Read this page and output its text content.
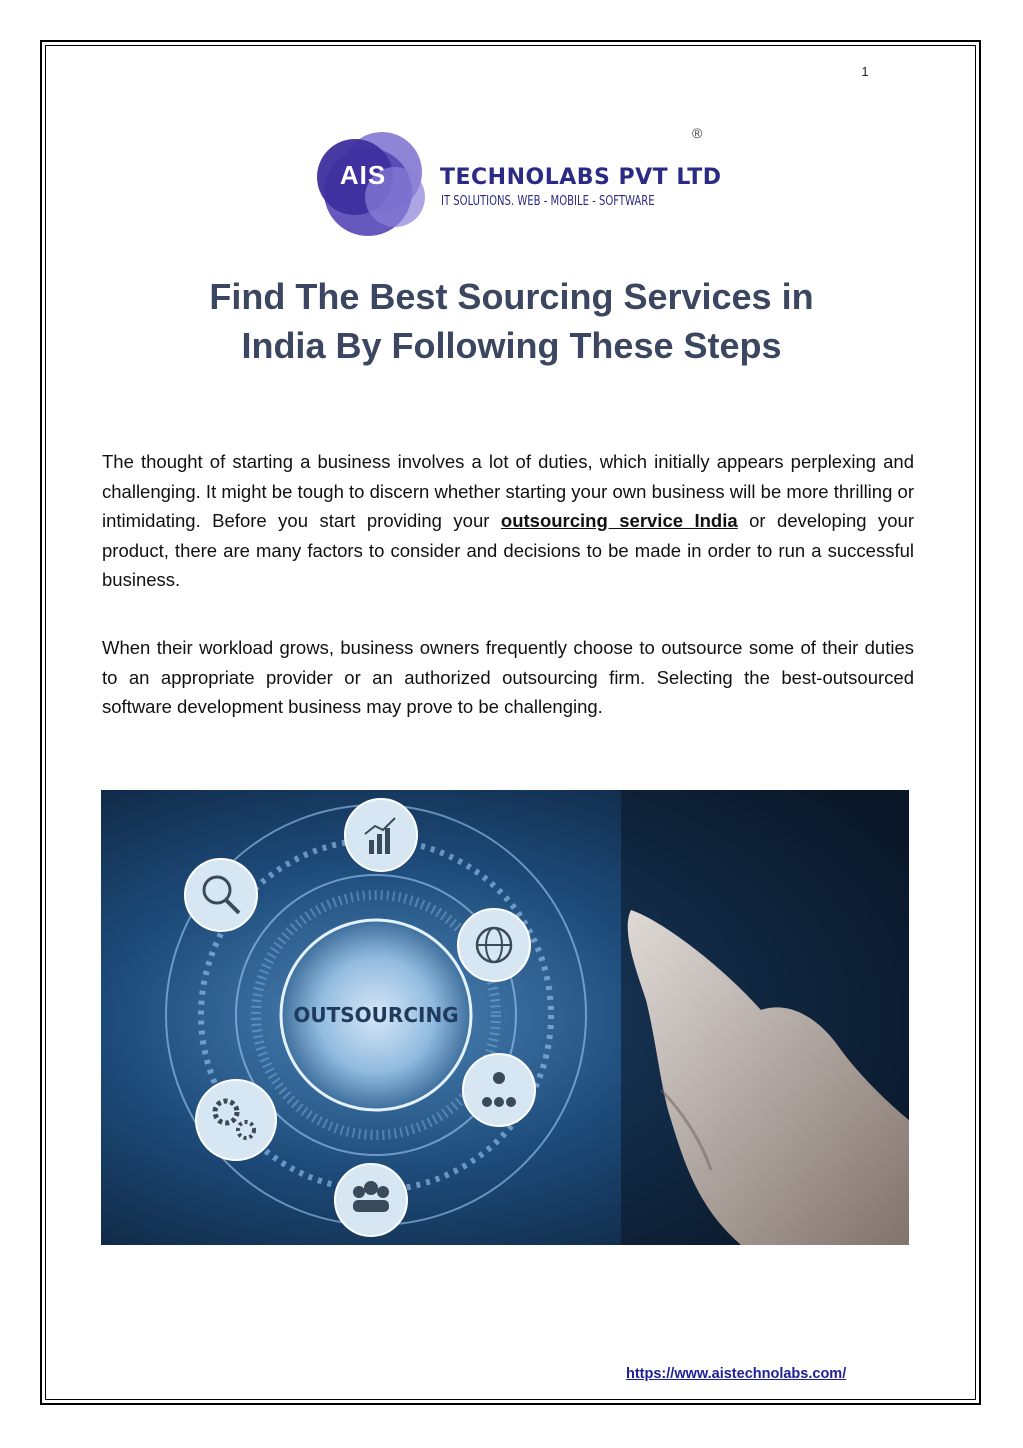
1
AIS	TECHNOLABS PVT LTD
IT SOLUTIONS. WEB - MOBILE - SOFTWARE
®
Find The Best Sourcing Services in
India By Following These Steps

The thought of starting a business involves a lot of duties, which initially appears perplexing and challenging. It might be tough to discern whether starting your own business will be more thrilling or intimidating. Before you start providing your outsourcing service India or developing your product, there are many factors to consider and decisions to be made in order to run a successful business.

When their workload grows, business owners frequently choose to outsource some of their duties to an appropriate provider or an authorized outsourcing firm. Selecting the best-outsourced software development business may prove to be challenging.

OUTSOURCING
https://www.aistechnolabs.com/
